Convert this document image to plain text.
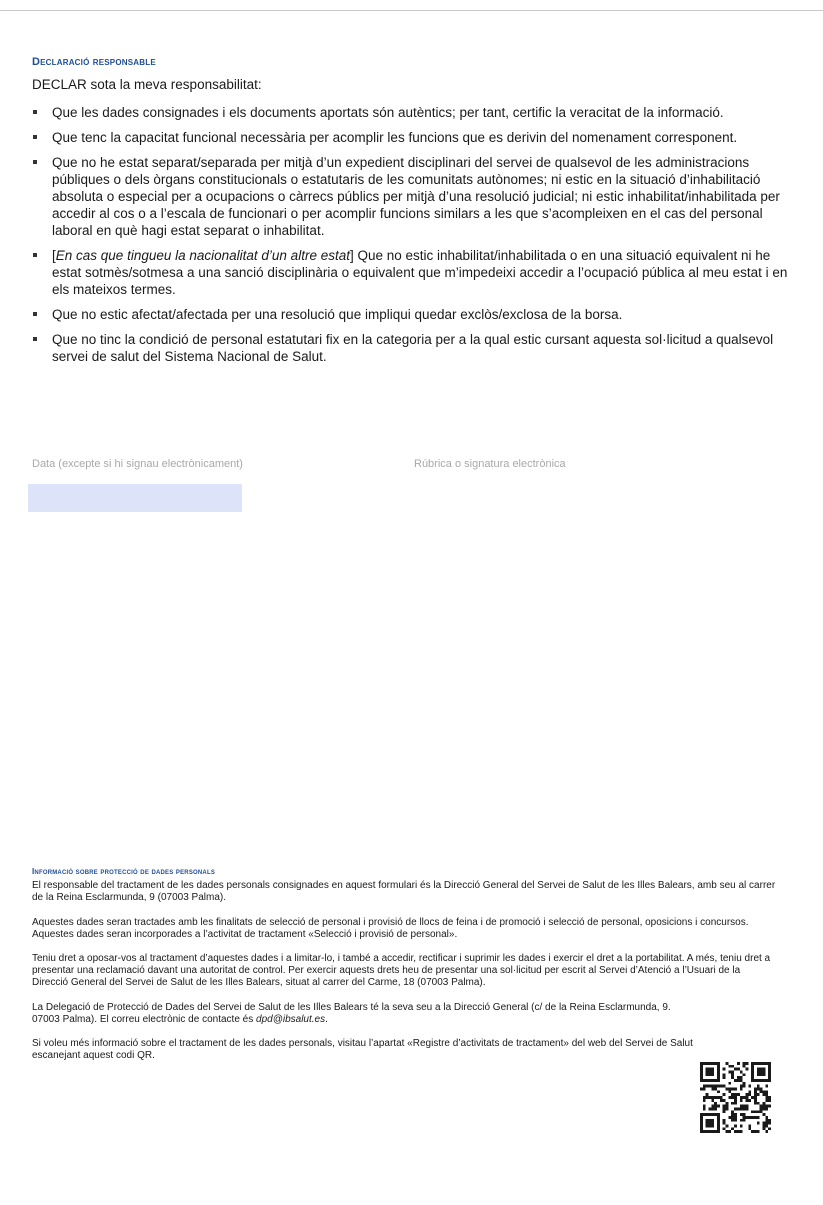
Declaració responsable
DECLAR sota la meva responsabilitat:
Que les dades consignades i els documents aportats són autèntics; per tant, certific la veracitat de la informació.
Que tenc la capacitat funcional necessària per acomplir les funcions que es derivin del nomenament corresponent.
Que no he estat separat/separada per mitjà d’un expedient disciplinari del servei de qualsevol de les administracions públiques o dels òrgans constitucionals o estatutaris de les comunitats autònomes; ni estic en la situació d’inhabilitació absoluta o especial per a ocupacions o càrrecs públics per mitjà d’una resolució judicial; ni estic inhabilitat/inhabilitada per accedir al cos o a l’escala de funcionari o per acomplir funcions similars a les que s’acompleixen en el cas del personal laboral en què hagi estat separat o inhabilitat.
[En cas que tingueu la nacionalitat d’un altre estat] Que no estic inhabilitat/inhabilitada o en una situació equivalent ni he estat sotmès/sotmesa a una sanció disciplinària o equivalent que m’impedeixi accedir a l’ocupació pública al meu estat i en els mateixos termes.
Que no estic afectat/afectada per una resolució que impliqui quedar exclòs/exclosa de la borsa.
Que no tinc la condició de personal estatutari fix en la categoria per a la qual estic cursant aquesta sol·licitud a qualsevol servei de salut del Sistema Nacional de Salut.
Data (excepte si hi signau electrònicament)	Rúbrica o signatura electrònica
Informació sobre protecció de dades personals

El responsable del tractament de les dades personals consignades en aquest formulari és la Direcció General del Servei de Salut de les Illes Balears, amb seu al carrer de la Reina Esclarmunda, 9 (07003 Palma).

Aquestes dades seran tractades amb les finalitats de selecció de personal i provisió de llocs de feina i de promoció i selecció de personal, oposicions i concursos. Aquestes dades seran incorporades a l’activitat de tractament «Selecció i provisió de personal».

Teniu dret a oposar-vos al tractament d’aquestes dades i a limitar-lo, i també a accedir, rectificar i suprimir les dades i exercir el dret a la portabilitat. A més, teniu dret a presentar una reclamació davant una autoritat de control. Per exercir aquests drets heu de presentar una sol·licitud per escrit al Servei d’Atenció a l’Usuari de la Direcció General del Servei de Salut de les Illes Balears, situat al carrer del Carme, 18 (07003 Palma).

La Delegació de Protecció de Dades del Servei de Salut de les Illes Balears té la seva seu a la Direcció General (c/ de la Reina Esclarmunda, 9. 07003 Palma). El correu electrònic de contacte és dpd@ibsalut.es.

Si voleu més informació sobre el tractament de les dades personals, visitau l’apartat «Registre d’activitats de tractament» del web del Servei de Salut escanejant aquest codi QR.
